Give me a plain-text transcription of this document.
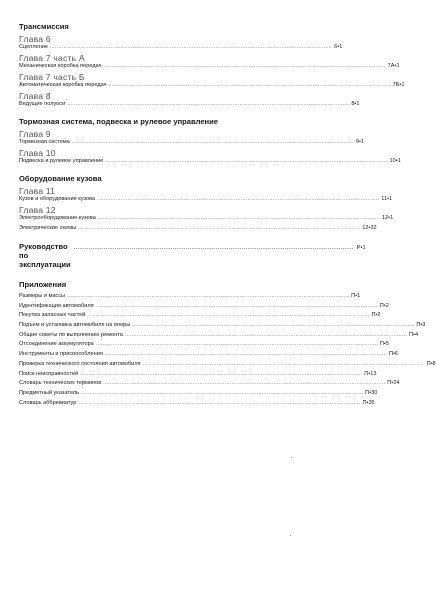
Трансмиссия
Глава 6
Сцепление ....................................................................................................................................................................... 6•1
Глава 7 часть А
Механическая коробка передач ....................................................................................................................................................................... 7А•1
Глава 7 часть Б
Автоматическая коробка передач ....................................................................................................................................................................... 7Б•1
Глава 8
Ведущие полуоси ....................................................................................................................................................................... 8•1
Тормозная система, подвеска и рулевое управление
Глава 9
Тормозная система ....................................................................................................................................................................... 9•1
Глава 10
Подвеска и рулевое управление ....................................................................................................................................................................... 10•1
Оборудование кузова
Глава 11
Кузов и оборудование кузова ....................................................................................................................................................................... 11•1
Глава 12
Электрооборудование кузова ....................................................................................................................................................................... 12•1
Электрические схемы ....................................................................................................................................................................... 12•32
Руководство по эксплуатации
...................................................................................................................................................... Р•1
Приложения
Размеры и массы ....................................................................................................................................................................... П•1
Идентификация автомобиля ....................................................................................................................................................................... П•2
Покупка запасных частей ....................................................................................................................................................................... П•2
Подъем и установка автомобиля на опоры ....................................................................................................................................................................... П•3
Общие советы по выполнению ремонта ....................................................................................................................................................................... П•4
Отсоединение аккумулятора ....................................................................................................................................................................... П•5
Инструменты и приспособления ....................................................................................................................................................................... П•6
Проверка технического состояния автомобиля ....................................................................................................................................................................... П•8
Поиск неисправностей ....................................................................................................................................................................... П•13
Словарь технических терминов ....................................................................................................................................................................... П•24
Предметный указатель ....................................................................................................................................................................... П•30
Словарь аббревиатур ....................................................................................................................................................................... П•35
